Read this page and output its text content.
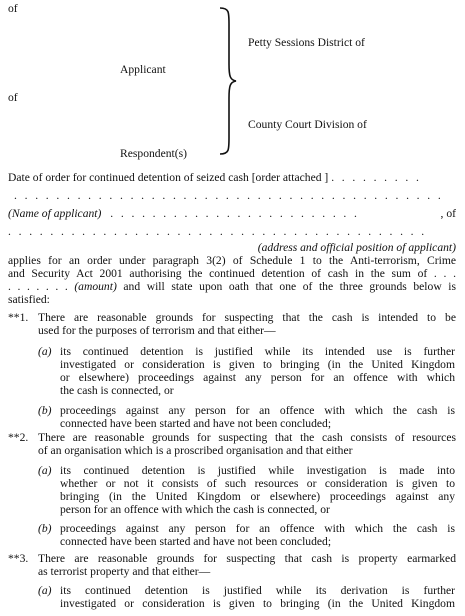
of
Applicant
of
Respondent(s)
Petty Sessions District of
County Court Division of
Date of order for continued detention of seized cash [order attached ] . . . . . . . . .
. . . . . . . . . . . . . . . . . . . . . . . . . . . . . . . . . . . . . . . . .
(Name of applicant) . . . . . . . . . . . . . . . . . . . . . . . .	, of
. . . . . . . . . . . . . . . . . . . . . . . . . . . . . . . . . . . . . . . .
(address and official position of applicant)
applies for an order under paragraph 3(2) of Schedule 1 to the Anti-terrorism, Crime
and Security Act 2001 authorising the continued detention of cash in the sum of . . .
. . . . . . . (amount) and will state upon oath that one of the three grounds below is
satisfied:
**1. There are reasonable grounds for suspecting that the cash is intended to be
used for the purposes of terrorism and that either—
(a) its continued detention is justified while its intended use is further
investigated or consideration is given to bringing (in the United Kingdom
or elsewhere) proceedings against any person for an offence with which
the cash is connected, or
(b) proceedings against any person for an offence with which the cash is
connected have been started and have not been concluded;
**2. There are reasonable grounds for suspecting that the cash consists of resources
of an organisation which is a proscribed organisation and that either
(a) its continued detention is justified while investigation is made into
whether or not it consists of such resources or consideration is given to
bringing (in the United Kingdom or elsewhere) proceedings against any
person for an offence with which the cash is connected, or
(b) proceedings against any person for an offence with which the cash is
connected have been started and have not been concluded;
**3. There are reasonable grounds for suspecting that cash is property earmarked
as terrorist property and that either—
(a) its continued detention is justified while its derivation is further
investigated or consideration is given to bringing (in the United Kingdom
